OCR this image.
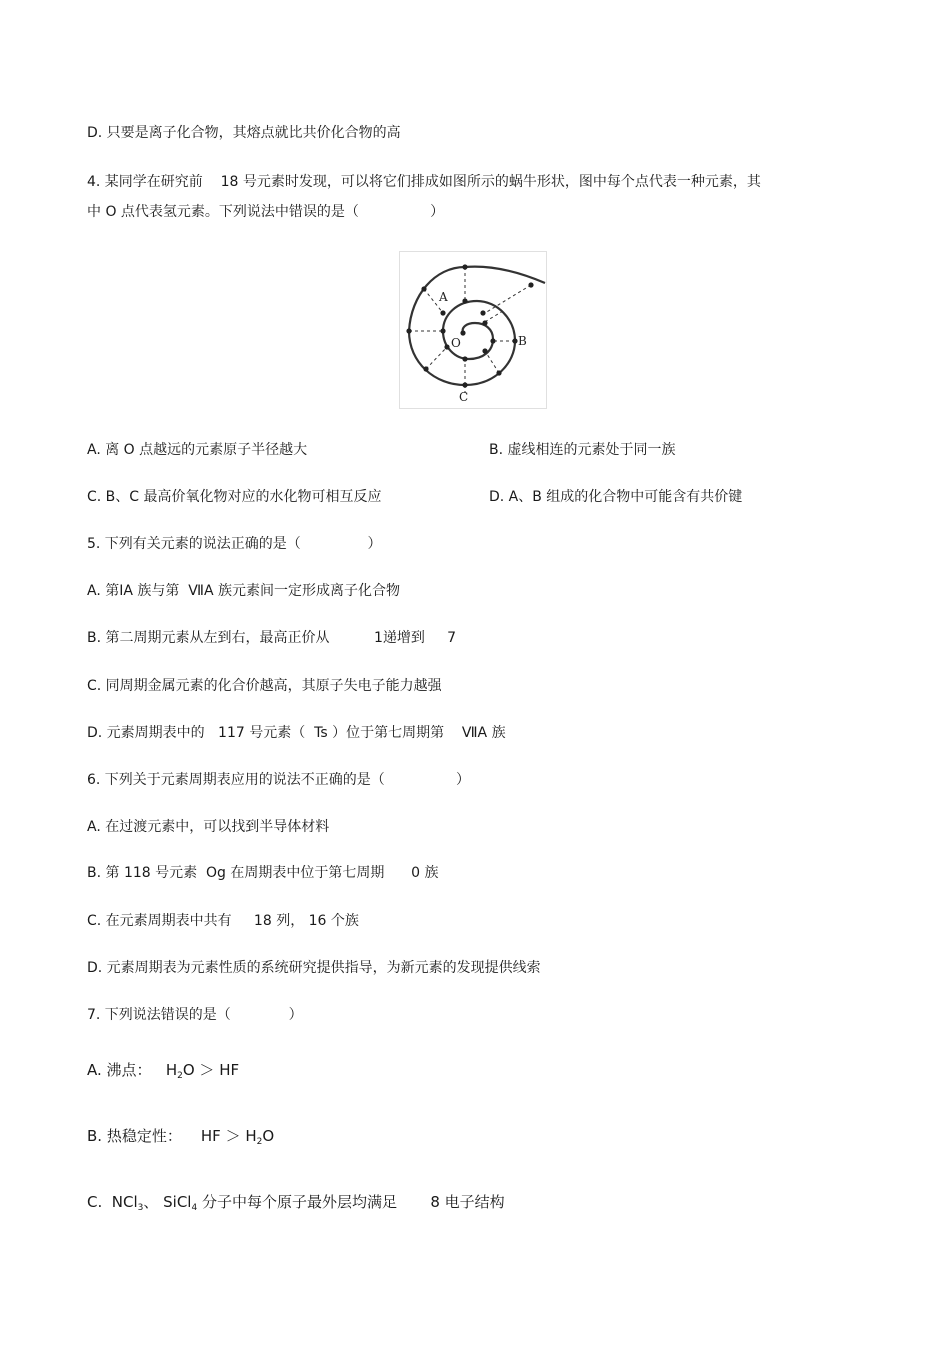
D. 只要是离子化合物，其熔点就比共价化合物的高
4. 某同学在研究前    18 号元素时发现，可以将它们排成如图所示的蜗牛形状，图中每个点代表一种元素，其
中 O 点代表氢元素。下列说法中错误的是（                ）
A
O	B
C
A. 离 O 点越远的元素原子半径越大	B. 虚线相连的元素处于同一族
C. B、C 最高价氧化物对应的水化物可相互反应	D. A、B 组成的化合物中可能含有共价键
5. 下列有关元素的说法正确的是（               ）
A. 第ⅠA 族与第  ⅦA 族元素间一定形成离子化合物
B. 第二周期元素从左到右，最高正价从          1递增到     7
C. 同周期金属元素的化合价越高，其原子失电子能力越强
D. 元素周期表中的   117 号元素（  Ts ）位于第七周期第    ⅦA 族
6. 下列关于元素周期表应用的说法不正确的是（                ）
A. 在过渡元素中，可以找到半导体材料
B. 第 118 号元素  Og 在周期表中位于第七周期      0 族
C. 在元素周期表中共有     18 列， 16 个族
D. 元素周期表为元素性质的系统研究提供指导，为新元素的发现提供线索
7. 下列说法错误的是（             ）
A. 沸点：   $H_2O$ ＞ HF
B. 热稳定性：    HF ＞ $H_2O$
C.  NCl$_3$、 SiCl$_4$ 分子中每个原子最外层均满足       8 电子结构
